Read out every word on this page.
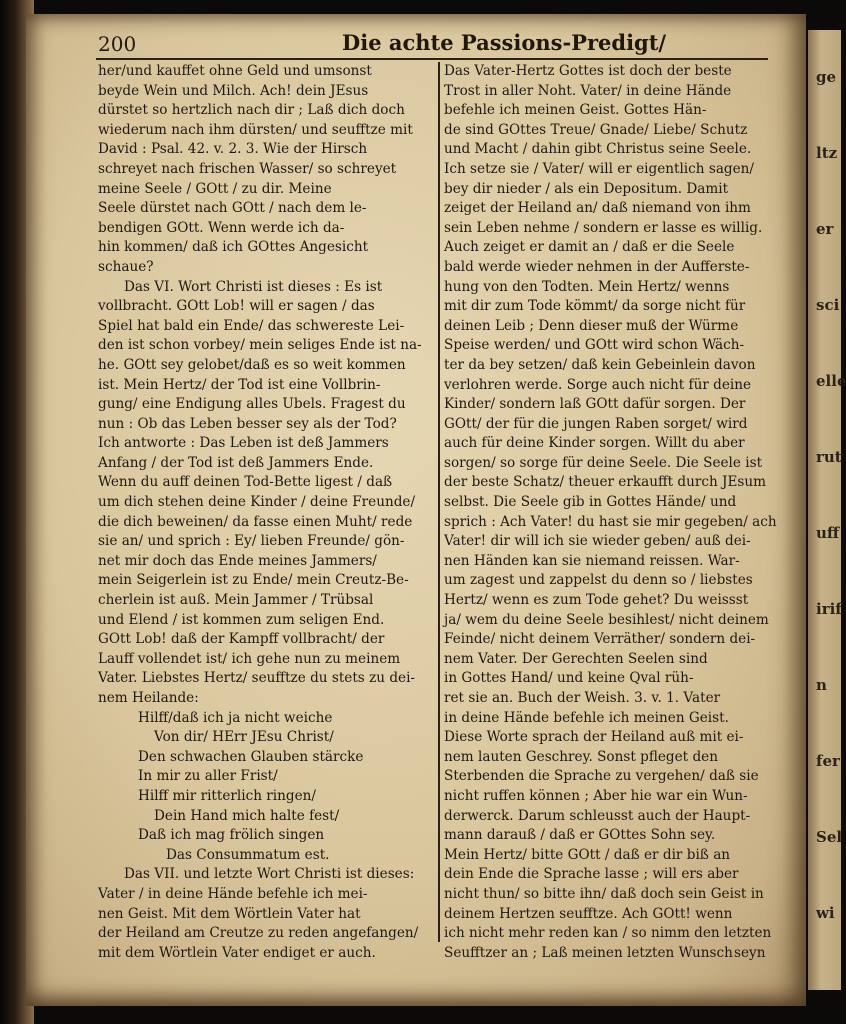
ge
ltz
er
sci
elle
rut
uff
irif
n
fer
Sel
wi
200	Die achte Passions-Predigt/
her/und kauffet ohne Geld und umsonst
beyde Wein und Milch. Ach! dein JEsus
dürstet so hertzlich nach dir ; Laß dich doch
wiederum nach ihm dürsten/ und seufftze mit
David : Psal. 42. v. 2. 3. Wie der Hirsch
schreyet nach frischen Wasser/ so schreyet
meine Seele / GOtt / zu dir. Meine
Seele dürstet nach GOtt / nach dem le-
bendigen GOtt. Wenn werde ich da-
hin kommen/ daß ich GOttes Angesicht
schaue?
Das VI. Wort Christi ist dieses : Es ist
vollbracht. GOtt Lob! will er sagen / das
Spiel hat bald ein Ende/ das schwereste Lei-
den ist schon vorbey/ mein seliges Ende ist na-
he. GOtt sey gelobet/daß es so weit kommen
ist. Mein Hertz/ der Tod ist eine Vollbrin-
gung/ eine Endigung alles Ubels. Fragest du
nun : Ob das Leben besser sey als der Tod?
Ich antworte : Das Leben ist deß Jammers
Anfang / der Tod ist deß Jammers Ende.
Wenn du auff deinen Tod-Bette ligest / daß
um dich stehen deine Kinder / deine Freunde/
die dich beweinen/ da fasse einen Muht/ rede
sie an/ und sprich : Ey/ lieben Freunde/ gön-
net mir doch das Ende meines Jammers/
mein Seigerlein ist zu Ende/ mein Creutz-Be-
cherlein ist auß. Mein Jammer / Trübsal
und Elend / ist kommen zum seligen End.
GOtt Lob! daß der Kampff vollbracht/ der
Lauff vollendet ist/ ich gehe nun zu meinem
Vater. Liebstes Hertz/ seufftze du stets zu dei-
nem Heilande:
Hilff/daß ich ja nicht weiche
Von dir/ HErr JEsu Christ/
Den schwachen Glauben stärcke
In mir zu aller Frist/
Hilff mir ritterlich ringen/
Dein Hand mich halte fest/
Daß ich mag frölich singen
Das Consummatum est.
Das VII. und letzte Wort Christi ist dieses:
Vater / in deine Hände befehle ich mei-
nen Geist. Mit dem Wörtlein Vater hat
der Heiland am Creutze zu reden angefangen/
mit dem Wörtlein Vater endiget er auch.
Das Vater-Hertz Gottes ist doch der beste
Trost in aller Noht. Vater/ in deine Hände
befehle ich meinen Geist. Gottes Hän-
de sind GOttes Treue/ Gnade/ Liebe/ Schutz
und Macht / dahin gibt Christus seine Seele.
Ich setze sie / Vater/ will er eigentlich sagen/
bey dir nieder / als ein Depositum. Damit
zeiget der Heiland an/ daß niemand von ihm
sein Leben nehme / sondern er lasse es willig.
Auch zeiget er damit an / daß er die Seele
bald werde wieder nehmen in der Aufferste-
hung von den Todten. Mein Hertz/ wenns
mit dir zum Tode kömmt/ da sorge nicht für
deinen Leib ; Denn dieser muß der Würme
Speise werden/ und GOtt wird schon Wäch-
ter da bey setzen/ daß kein Gebeinlein davon
verlohren werde. Sorge auch nicht für deine
Kinder/ sondern laß GOtt dafür sorgen. Der
GOtt/ der für die jungen Raben sorget/ wird
auch für deine Kinder sorgen. Willt du aber
sorgen/ so sorge für deine Seele. Die Seele ist
der beste Schatz/ theuer erkaufft durch JEsum
selbst. Die Seele gib in Gottes Hände/ und
sprich : Ach Vater! du hast sie mir gegeben/ ach
Vater! dir will ich sie wieder geben/ auß dei-
nen Händen kan sie niemand reissen. War-
um zagest und zappelst du denn so / liebstes
Hertz/ wenn es zum Tode gehet? Du weissst
ja/ wem du deine Seele besihlest/ nicht deinem
Feinde/ nicht deinem Verräther/ sondern dei-
nem Vater. Der Gerechten Seelen sind
in Gottes Hand/ und keine Qval rüh-
ret sie an. Buch der Weish. 3. v. 1. Vater
in deine Hände befehle ich meinen Geist.
Diese Worte sprach der Heiland auß mit ei-
nem lauten Geschrey. Sonst pfleget den
Sterbenden die Sprache zu vergehen/ daß sie
nicht ruffen können ; Aber hie war ein Wun-
derwerck. Darum schleusst auch der Haupt-
mann darauß / daß er GOttes Sohn sey.
Mein Hertz/ bitte GOtt / daß er dir biß an
dein Ende die Sprache lasse ; will ers aber
nicht thun/ so bitte ihn/ daß doch sein Geist in
deinem Hertzen seufftze. Ach GOtt! wenn
ich nicht mehr reden kan / so nimm den letzten
Seufftzer an ; Laß meinen letzten Wunsch seyn
